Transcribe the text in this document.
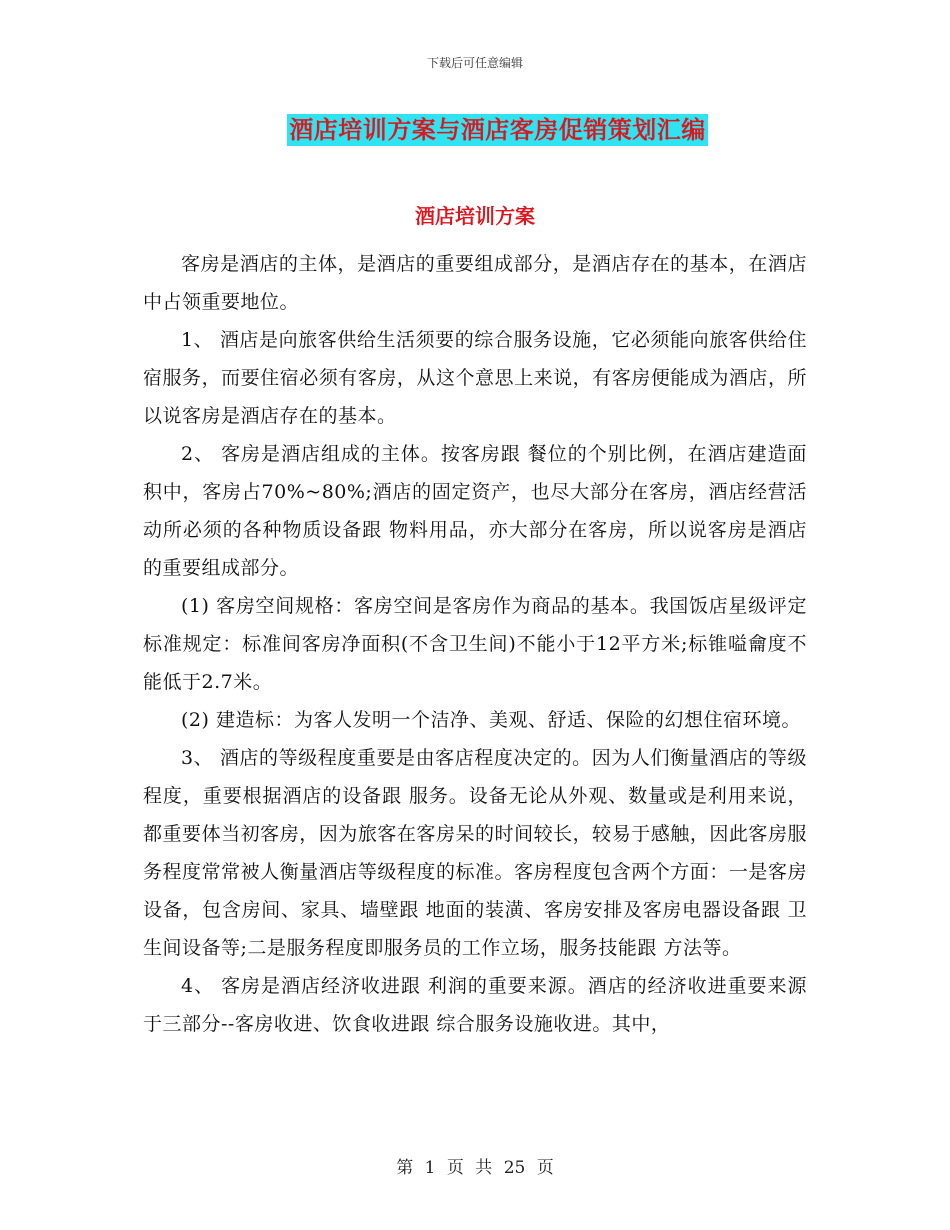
下载后可任意编辑
酒店培训方案与酒店客房促销策划汇编
酒店培训方案

客房是酒店的主体，是酒店的重要组成部分，是酒店存在的基本，在酒店中占领重要地位。

1、 酒店是向旅客供给生活须要的综合服务设施，它必须能向旅客供给住宿服务，而要住宿必须有客房，从这个意思上来说，有客房便能成为酒店，所以说客房是酒店存在的基本。

2、 客房是酒店组成的主体。按客房跟 餐位的个别比例，在酒店建造面积中，客房占70%~80%;酒店的固定资产，也尽大部分在客房，酒店经营活动所必须的各种物质设备跟 物料用品，亦大部分在客房，所以说客房是酒店的重要组成部分。

(1) 客房空间规格：客房空间是客房作为商品的基本。我国饭店星级评定标准规定：标准间客房净面积(不含卫生间)不能小于12平方米;标锥嗌龠度不能低于2.7米。

(2) 建造标：为客人发明一个洁净、美观、舒适、保险的幻想住宿环境。

3、 酒店的等级程度重要是由客店程度决定的。因为人们衡量酒店的等级程度，重要根据酒店的设备跟 服务。设备无论从外观、数量或是利用来说，都重要体当初客房，因为旅客在客房呆的时间较长，较易于感触，因此客房服务程度常常被人衡量酒店等级程度的标准。客房程度包含两个方面：一是客房设备，包含房间、家具、墙壁跟 地面的装潢、客房安排及客房电器设备跟 卫生间设备等;二是服务程度即服务员的工作立场，服务技能跟 方法等。

4、 客房是酒店经济收进跟 利润的重要来源。酒店的经济收进重要来源于三部分--客房收进、饮食收进跟 综合服务设施收进。其中，

第 1 页 共 25 页
